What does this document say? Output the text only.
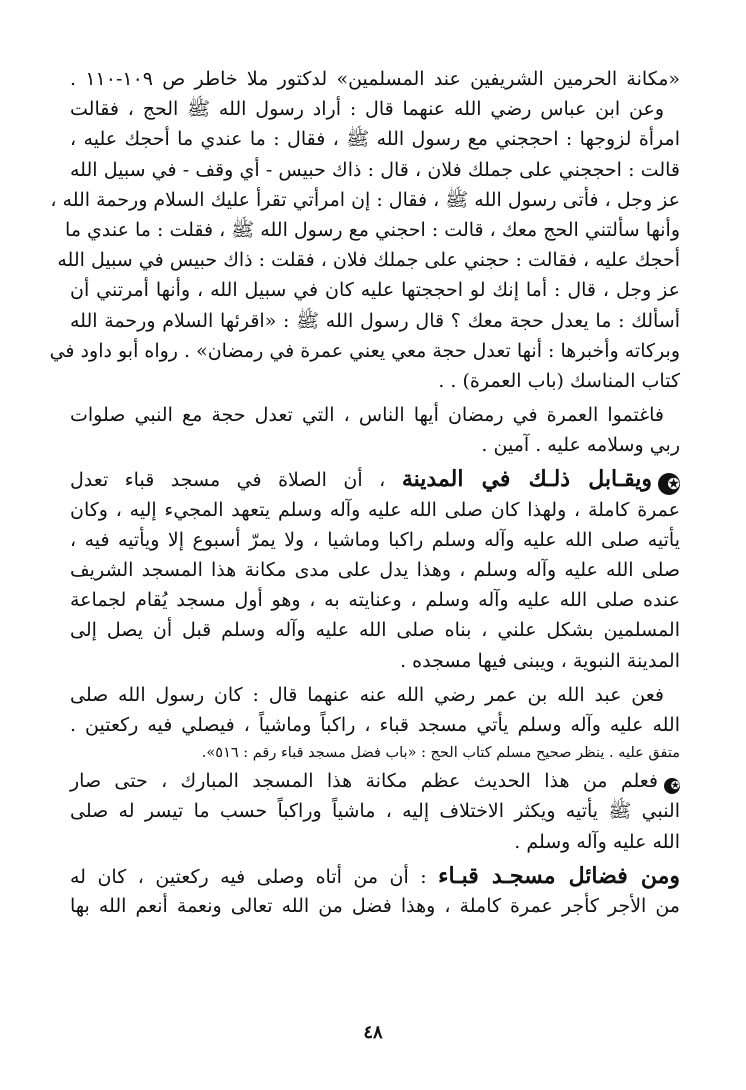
«مكانة الحرمين الشريفين عند المسلمين» لدكتور ملا خاطر ص ١٠٩-١١٠ .
وعن ابن عباس رضي الله عنهما قال : أراد رسول الله ﷺ الحج ، فقالت
امرأة لزوجها : احججني مع رسول الله ﷺ ، فقال : ما عندي ما أحجك عليه ،
قالت : احججني على جملك فلان ، قال : ذاك حبيس - أي وقف - في سبيل الله
عز وجل ، فأتى رسول الله ﷺ ، فقال : إن امرأتي تقرأ عليك السلام ورحمة الله ،
وأنها سألتني الحج معك ، قالت : احجني مع رسول الله ﷺ ، فقلت : ما عندي ما
أحجك عليه ، فقالت : حجني على جملك فلان ، فقلت : ذاك حبيس في سبيل الله
عز وجل ، قال : أما إنك لو احججتها عليه كان في سبيل الله ، وأنها أمرتني أن
أسألك : ما يعدل حجة معك ؟ قال رسول الله ﷺ : «اقرئها السلام ورحمة الله
وبركاته وأخبرها : أنها تعدل حجة معي يعني عمرة في رمضان» . رواه أبو داود في
كتاب المناسك (باب العمرة) . .
فاغتموا العمرة في رمضان أيها الناس ، التي تعدل حجة مع النبي صلوات
ربي وسلامه عليه . آمين .
✪ويقـابل ذلـك في المدينة ، أن الصلاة في مسجد قباء تعدل
عمرة كاملة ، ولهذا كان صلى الله عليه وآله وسلم يتعهد المجيء إليه ، وكان
يأتيه صلى الله عليه وآله وسلم راكبا وماشيا ، ولا يمرّ أسبوع إلا ويأتيه فيه ،
صلى الله عليه وآله وسلم ، وهذا يدل على مدى مكانة هذا المسجد الشريف
عنده صلى الله عليه وآله وسلم ، وعنايته به ، وهو أول مسجد يُقام لجماعة
المسلمين بشكل علني ، بناه صلى الله عليه وآله وسلم قبل أن يصل إلى
المدينة النبوية ، ويبنى فيها مسجده .
فعن عبد الله بن عمر رضي الله عنه عنهما قال : كان رسول الله صلى
الله عليه وآله وسلم يأتي مسجد قباء ، راكباً وماشياً ، فيصلي فيه ركعتين .
متفق عليه . ينظر صحيح مسلم كتاب الحج : «باب فضل مسجد قباء رقم : ٥١٦».
✪فعلم من هذا الحديث عظم مكانة هذا المسجد المبارك ، حتى صار
النبي ﷺ يأتيه ويكثر الاختلاف إليه ، ماشياً وراكباً حسب ما تيسر له صلى
الله عليه وآله وسلم .
ومن فضائل مسجـد قبـاء : أن من أتاه وصلى فيه ركعتين ، كان له
من الأجر كأجر عمرة كاملة ، وهذا فضل من الله تعالى ونعمة أنعم الله بها
٤٨
